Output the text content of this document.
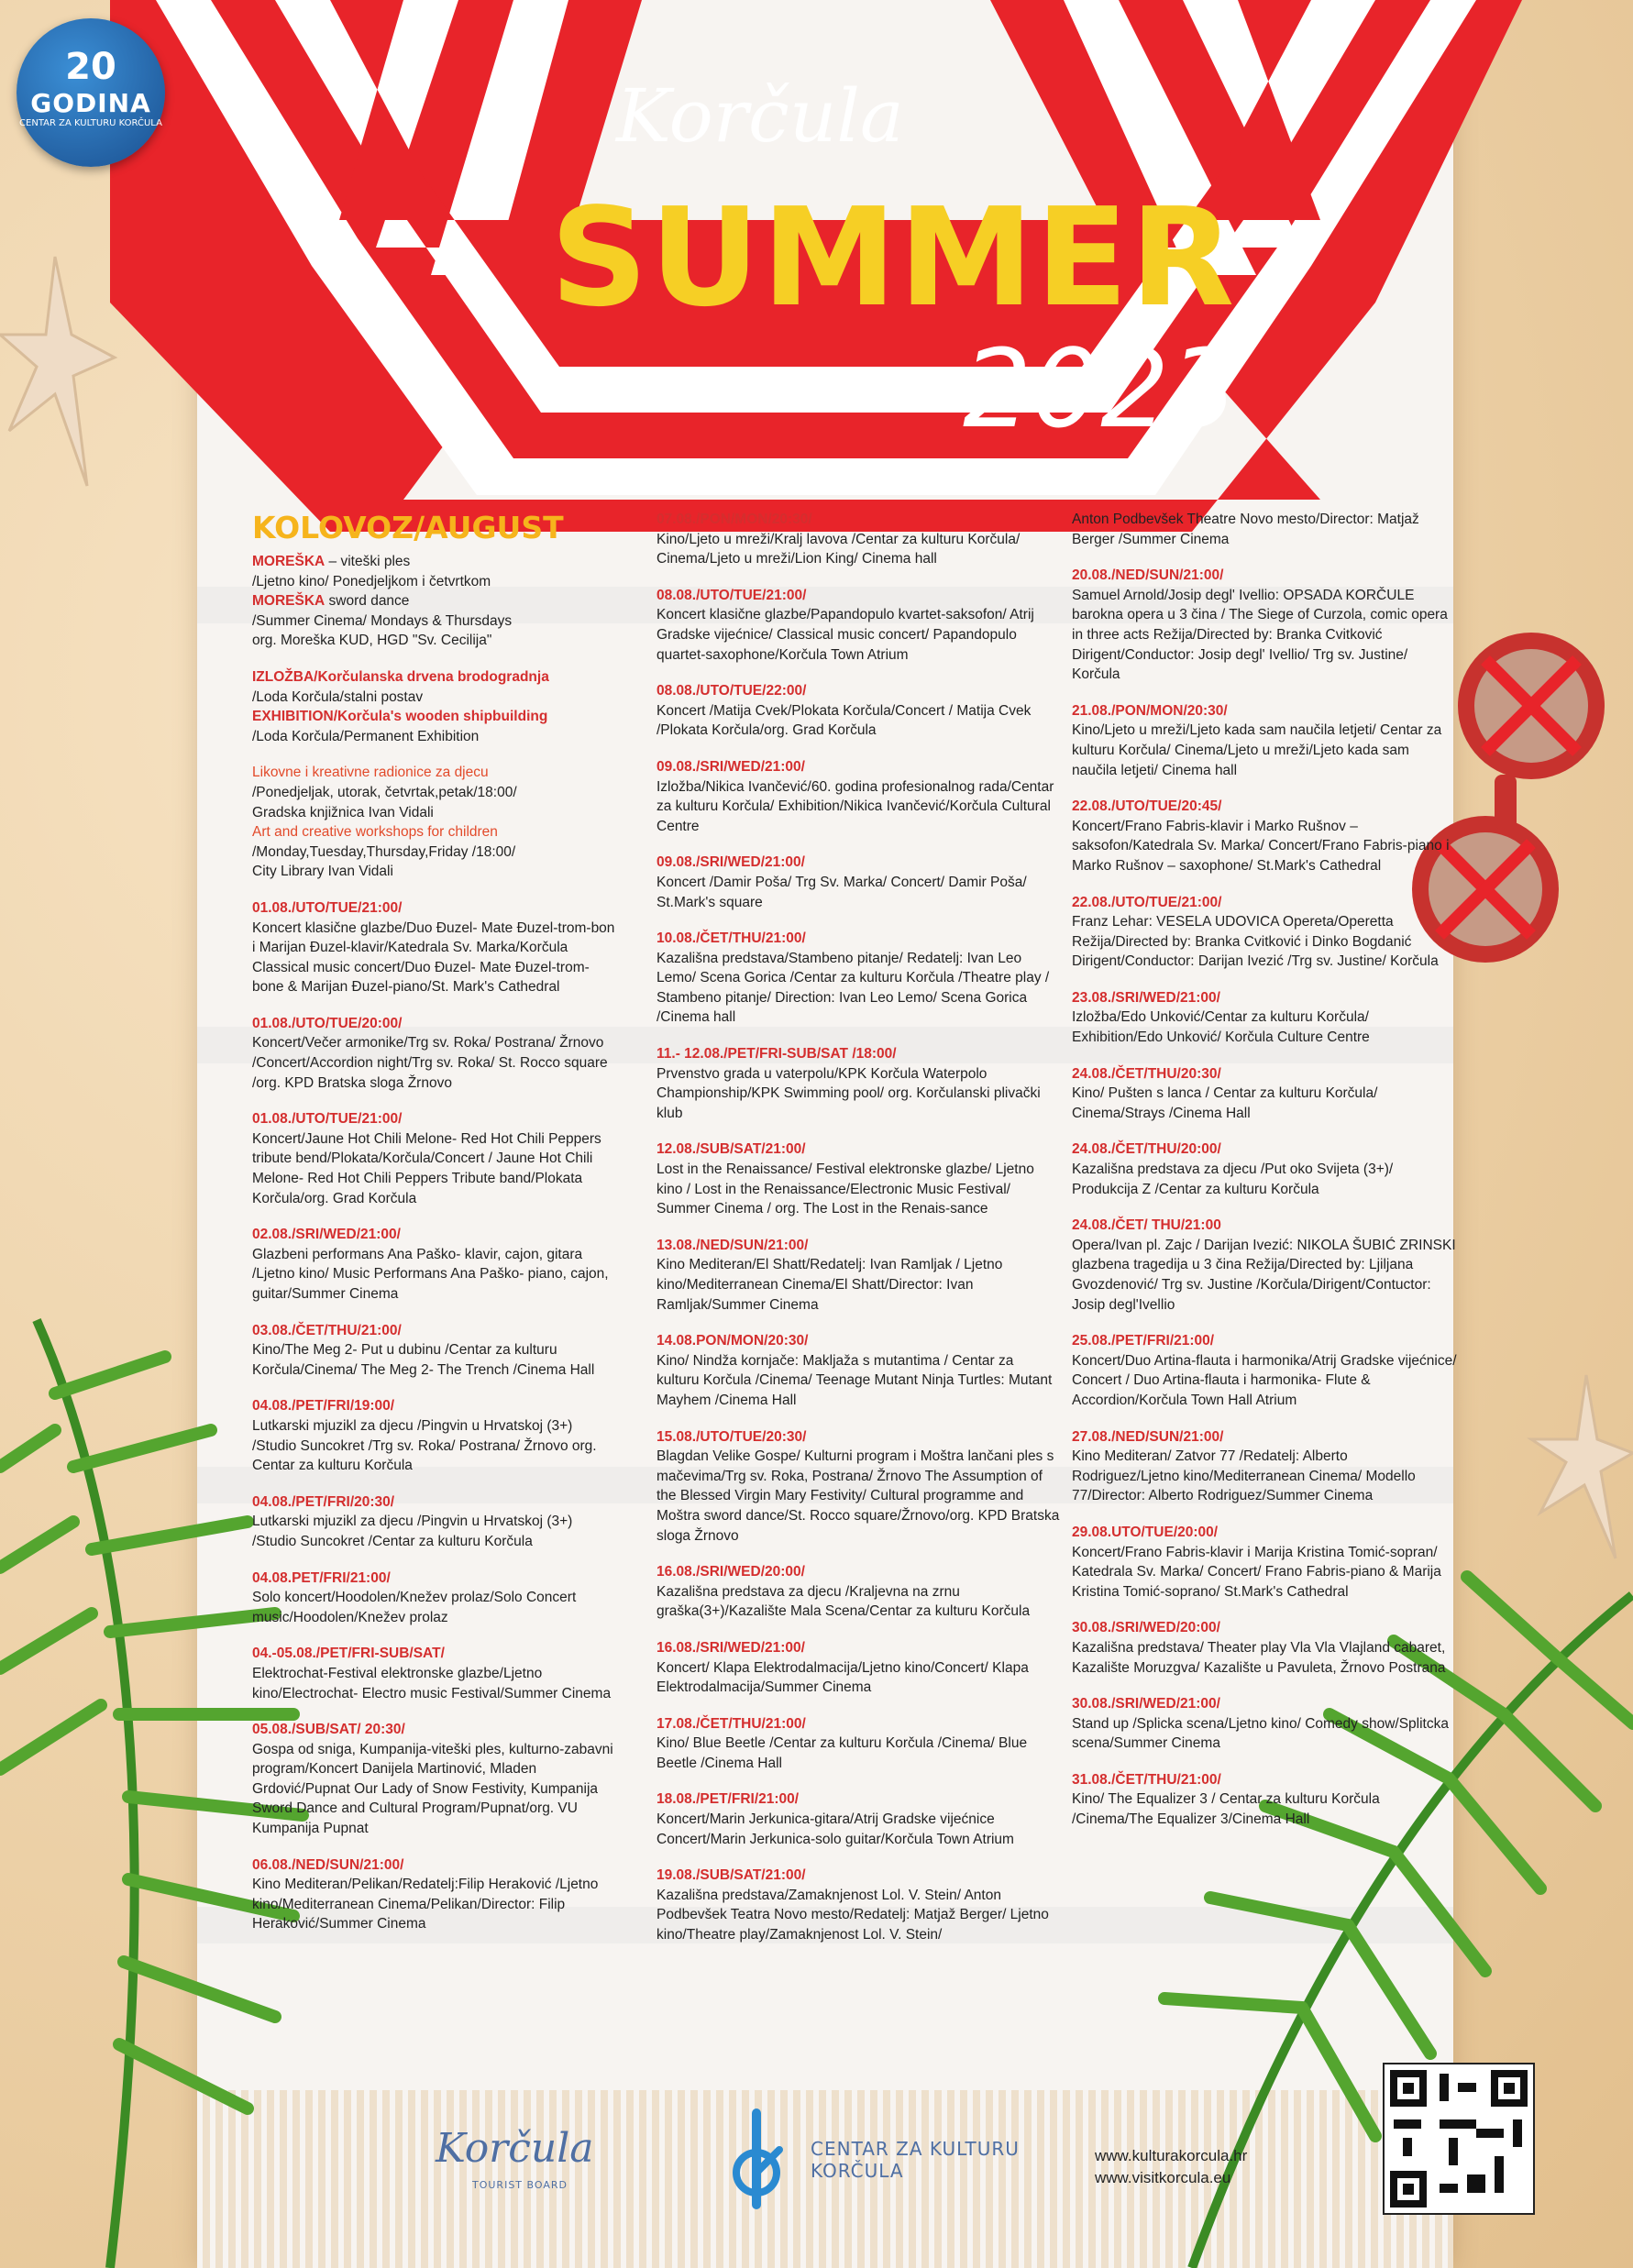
Korčula
SUMMER
2023
20
GODINA
CENTAR ZA KULTURU KORČULA
KOLOVOZ/AUGUST
MOREŠKA – viteški ples
/Ljetno kino/ Ponedjeljkom i četvrtkom
MOREŠKA sword dance
/Summer Cinema/ Mondays & Thursdays
org. Moreška KUD, HGD "Sv. Cecilija"
IZLOŽBA/Korčulanska drvena brodogradnja
/Loda Korčula/stalni postav
EXHIBITION/Korčula's wooden shipbuilding
/Loda Korčula/Permanent Exhibition
Likovne i kreativne radionice za djecu
/Ponedjeljak, utorak, četvrtak,petak/18:00/
Gradska knjižnica Ivan Vidali
Art and creative workshops for children
/Monday,Tuesday,Thursday,Friday /18:00/
City Library Ivan Vidali
01.08./UTO/TUE/21:00/
Koncert klasične glazbe/Duo Đuzel- Mate Đuzel-trom-bon i Marijan Đuzel-klavir/Katedrala Sv. Marka/Korčula Classical music concert/Duo Đuzel- Mate Đuzel-trom-bone & Marijan Đuzel-piano/St. Mark's Cathedral
01.08./UTO/TUE/20:00/
Koncert/Večer armonike/Trg sv. Roka/ Postrana/ Žrnovo /Concert/Accordion night/Trg sv. Roka/ St. Rocco square /org. KPD Bratska sloga Žrnovo
01.08./UTO/TUE/21:00/
Koncert/Jaune Hot Chili Melone- Red Hot Chili Peppers tribute bend/Plokata/Korčula/Concert / Jaune Hot Chili Melone- Red Hot Chili Peppers Tribute band/Plokata Korčula/org. Grad Korčula
02.08./SRI/WED/21:00/
Glazbeni performans Ana Paško- klavir, cajon, gitara /Ljetno kino/ Music Performans Ana Paško- piano, cajon, guitar/Summer Cinema
03.08./ČET/THU/21:00/
Kino/The Meg 2- Put u dubinu /Centar za kulturu Korčula/Cinema/ The Meg 2- The Trench /Cinema Hall
04.08./PET/FRI/19:00/
Lutkarski mjuzikl za djecu /Pingvin u Hrvatskoj (3+) /Studio Suncokret /Trg sv. Roka/ Postrana/ Žrnovo org. Centar za kulturu Korčula
04.08./PET/FRI/20:30/
Lutkarski mjuzikl za djecu /Pingvin u Hrvatskoj (3+) /Studio Suncokret /Centar za kulturu Korčula
04.08.PET/FRI/21:00/
Solo koncert/Hoodolen/Knežev prolaz/Solo Concert music/Hoodolen/Knežev prolaz
04.-05.08./PET/FRI-SUB/SAT/
Elektrochat-Festival elektronske glazbe/Ljetno kino/Electrochat- Electro music Festival/Summer Cinema
05.08./SUB/SAT/ 20:30/
Gospa od sniga, Kumpanija-viteški ples, kulturno-zabavni program/Koncert Danijela Martinović, Mladen Grdović/Pupnat Our Lady of Snow Festivity, Kumpanija Sword Dance and Cultural Program/Pupnat/org. VU Kumpanija Pupnat
06.08./NED/SUN/21:00/
Kino Mediteran/Pelikan/Redatelj:Filip Heraković /Ljetno kino/Mediterranean Cinema/Pelikan/Director: Filip Heraković/Summer Cinema
07.08./PON/MON/20:30/
Kino/Ljeto u mreži/Kralj lavova /Centar za kulturu Korčula/ Cinema/Ljeto u mreži/Lion King/ Cinema hall
08.08./UTO/TUE/21:00/
Koncert klasične glazbe/Papandopulo kvartet-saksofon/ Atrij Gradske vijećnice/ Classical music concert/ Papandopulo quartet-saxophone/Korčula Town Atrium
08.08./UTO/TUE/22:00/
Koncert /Matija Cvek/Plokata Korčula/Concert / Matija Cvek /Plokata Korčula/org. Grad Korčula
09.08./SRI/WED/21:00/
Izložba/Nikica Ivančević/60. godina profesionalnog rada/Centar za kulturu Korčula/ Exhibition/Nikica Ivančević/Korčula Cultural Centre
09.08./SRI/WED/21:00/
Koncert /Damir Poša/ Trg Sv. Marka/ Concert/ Damir Poša/ St.Mark's square
10.08./ČET/THU/21:00/
Kazališna predstava/Stambeno pitanje/ Redatelj: Ivan Leo Lemo/ Scena Gorica /Centar za kulturu Korčula /Theatre play / Stambeno pitanje/ Direction: Ivan Leo Lemo/ Scena Gorica /Cinema hall
11.- 12.08./PET/FRI-SUB/SAT /18:00/
Prvenstvo grada u vaterpolu/KPK Korčula Waterpolo Championship/KPK Swimming pool/ org. Korčulanski plivački klub
12.08./SUB/SAT/21:00/
Lost in the Renaissance/ Festival elektronske glazbe/ Ljetno kino / Lost in the Renaissance/Electronic Music Festival/ Summer Cinema / org. The Lost in the Renais-sance
13.08./NED/SUN/21:00/
Kino Mediteran/El Shatt/Redatelj: Ivan Ramljak / Ljetno kino/Mediterranean Cinema/El Shatt/Director: Ivan Ramljak/Summer Cinema
14.08.PON/MON/20:30/
Kino/ Nindža kornjače: Makljaža s mutantima / Centar za kulturu Korčula /Cinema/ Teenage Mutant Ninja Turtles: Mutant Mayhem /Cinema Hall
15.08./UTO/TUE/20:30/
Blagdan Velike Gospe/ Kulturni program i Moštra lančani ples s mačevima/Trg sv. Roka, Postrana/ Žrnovo The Assumption of the Blessed Virgin Mary Festivity/ Cultural programme and Moštra sword dance/St. Rocco square/Žrnovo/org. KPD Bratska sloga Žrnovo
16.08./SRI/WED/20:00/
Kazališna predstava za djecu /Kraljevna na zrnu graška(3+)/Kazalište Mala Scena/Centar za kulturu Korčula
16.08./SRI/WED/21:00/
Koncert/ Klapa Elektrodalmacija/Ljetno kino/Concert/ Klapa Elektrodalmacija/Summer Cinema
17.08./ČET/THU/21:00/
Kino/ Blue Beetle /Centar za kulturu Korčula /Cinema/ Blue Beetle /Cinema Hall
18.08./PET/FRI/21:00/
Koncert/Marin Jerkunica-gitara/Atrij Gradske vijećnice Concert/Marin Jerkunica-solo guitar/Korčula Town Atrium
19.08./SUB/SAT/21:00/
Kazališna predstava/Zamaknjenost Lol. V. Stein/ Anton Podbevšek Teatra Novo mesto/Redatelj: Matjaž Berger/ Ljetno kino/Theatre play/Zamaknjenost Lol. V. Stein/
Anton Podbevšek Theatre Novo mesto/Director: Matjaž Berger /Summer Cinema
20.08./NED/SUN/21:00/
Samuel Arnold/Josip degl' Ivellio: OPSADA KORČULE barokna opera u 3 čina / The Siege of Curzola, comic opera in three acts Režija/Directed by: Branka Cvitković Dirigent/Conductor: Josip degl' Ivellio/ Trg sv. Justine/ Korčula
21.08./PON/MON/20:30/
Kino/Ljeto u mreži/Ljeto kada sam naučila letjeti/ Centar za kulturu Korčula/ Cinema/Ljeto u mreži/Ljeto kada sam naučila letjeti/ Cinema hall
22.08./UTO/TUE/20:45/
Koncert/Frano Fabris-klavir i Marko Rušnov – saksofon/Katedrala Sv. Marka/ Concert/Frano Fabris-piano i Marko Rušnov – saxophone/ St.Mark's Cathedral
22.08./UTO/TUE/21:00/
Franz Lehar: VESELA UDOVICA Opereta/Operetta Režija/Directed by: Branka Cvitković i Dinko Bogdanić Dirigent/Conductor: Darijan Ivezić /Trg sv. Justine/ Korčula
23.08./SRI/WED/21:00/
Izložba/Edo Unković/Centar za kulturu Korčula/ Exhibition/Edo Unković/ Korčula Culture Centre
24.08./ČET/THU/20:30/
Kino/ Pušten s lanca / Centar za kulturu Korčula/ Cinema/Strays /Cinema Hall
24.08./ČET/THU/20:00/
Kazališna predstava za djecu /Put oko Svijeta (3+)/ Produkcija Z /Centar za kulturu Korčula
24.08./ČET/ THU/21:00
Opera/Ivan pl. Zajc / Darijan Ivezić: NIKOLA ŠUBIĆ ZRINSKI glazbena tragedija u 3 čina Režija/Directed by: Ljiljana Gvozdenović/ Trg sv. Justine /Korčula/Dirigent/Contuctor: Josip degl'Ivellio
25.08./PET/FRI/21:00/
Koncert/Duo Artina-flauta i harmonika/Atrij Gradske vijećnice/ Concert / Duo Artina-flauta i harmonika- Flute & Accordion/Korčula Town Hall Atrium
27.08./NED/SUN/21:00/
Kino Mediteran/ Zatvor 77 /Redatelj: Alberto Rodriguez/Ljetno kino/Mediterranean Cinema/ Modello 77/Director: Alberto Rodriguez/Summer Cinema
29.08.UTO/TUE/20:00/
Koncert/Frano Fabris-klavir i Marija Kristina Tomić-sopran/ Katedrala Sv. Marka/ Concert/ Frano Fabris-piano & Marija Kristina Tomić-soprano/ St.Mark's Cathedral
30.08./SRI/WED/20:00/
Kazališna predstava/ Theater play Vla Vla Vlajland cabaret, Kazalište Moruzgva/ Kazalište u Pavuleta, Žrnovo Postrana
30.08./SRI/WED/21:00/
Stand up /Splicka scena/Ljetno kino/ Comedy show/Splitcka scena/Summer Cinema
31.08./ČET/THU/21:00/
Kino/ The Equalizer 3 / Centar za kulturu Korčula /Cinema/The Equalizer 3/Cinema Hall
Korčula
TOURIST BOARD
CENTAR ZA KULTURU
KORČULA
www.kulturakorcula.hr
www.visitkorcula.eu
